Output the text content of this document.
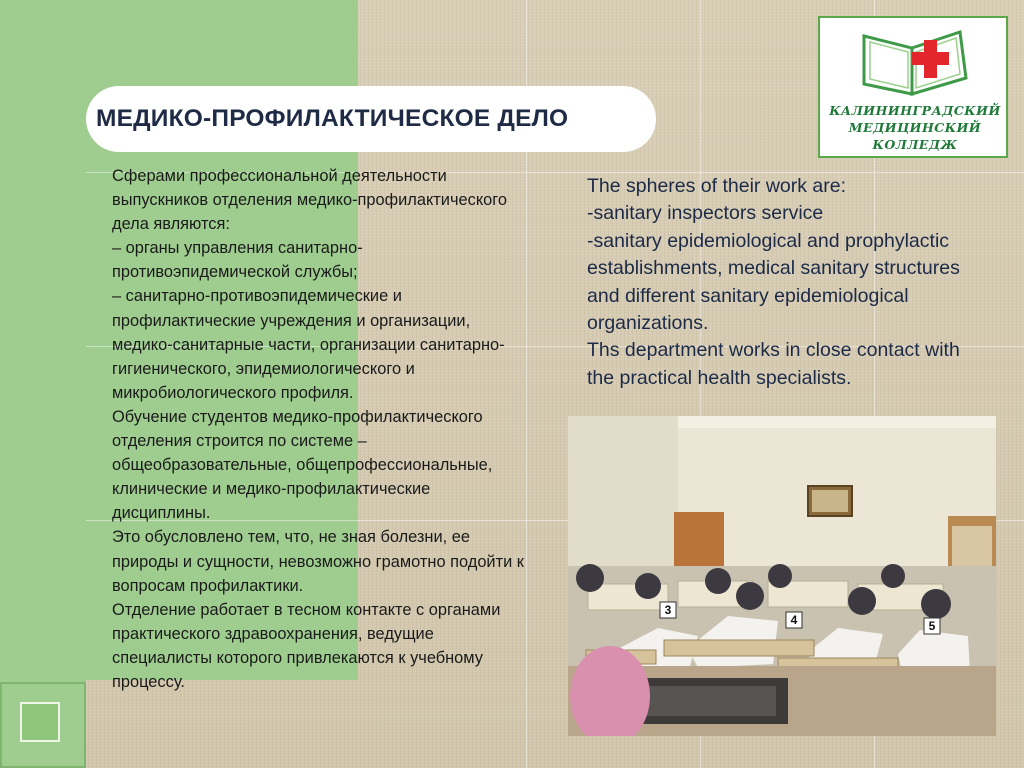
МЕДИКО-ПРОФИЛАКТИЧЕСКОЕ ДЕЛО	КАЛИНИНГРАДСКИЙ
МЕДИЦИНСКИЙ
КОЛЛЕДЖ

Сферами профессиональной деятельности выпускников отделения медико-профилактического дела являются:

– органы управления санитарно-противоэпидемической службы;

– санитарно-противоэпидемические и профилактические учреждения и организации, медико-санитарные части, организации санитарно-гигиенического, эпидемиологического и микробиологического профиля.

Обучение студентов медико-профилактического отделения строится по системе – общеобразовательные, общепрофессиональные, клинические и медико-профилактические дисциплины.

Это обусловлено тем, что, не зная болезни, ее природы и сущности, невозможно грамотно подойти к вопросам профилактики.

Отделение работает в тесном контакте с органами практического здравоохранения, ведущие специалисты которого привлекаются к учебному процессу.

The spheres of their work are:

-sanitary inspectors service

-sanitary epidemiological and prophylactic establishments, medical sanitary structures and different sanitary epidemiological organizations.

Ths department works in close contact with the practical health specialists.

3
4	5
